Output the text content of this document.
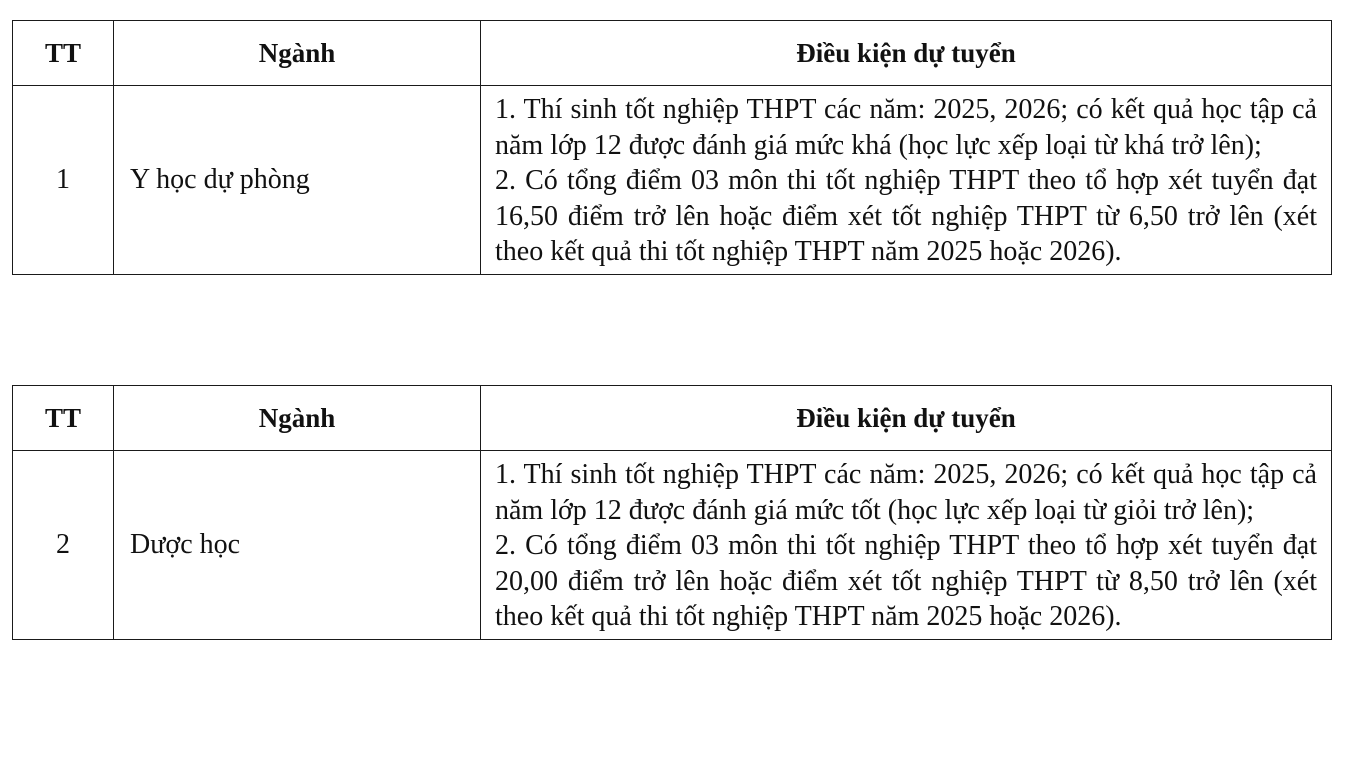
TT	Ngành	Điều kiện dự tuyển
1	Y học dự phòng	1. Thí sinh tốt nghiệp THPT các năm: 2025, 2026; có kết quả học tập cả năm lớp 12 được đánh giá mức khá (học lực xếp loại từ khá trở lên);
2. Có tổng điểm 03 môn thi tốt nghiệp THPT theo tổ hợp xét tuyển đạt 16,50 điểm trở lên hoặc điểm xét tốt nghiệp THPT từ 6,50 trở lên (xét theo kết quả thi tốt nghiệp THPT năm 2025 hoặc 2026).
TT	Ngành	Điều kiện dự tuyển
2	Dược học	1. Thí sinh tốt nghiệp THPT các năm: 2025, 2026; có kết quả học tập cả năm lớp 12 được đánh giá mức tốt (học lực xếp loại từ giỏi trở lên);
2. Có tổng điểm 03 môn thi tốt nghiệp THPT theo tổ hợp xét tuyển đạt 20,00 điểm trở lên hoặc điểm xét tốt nghiệp THPT từ 8,50 trở lên (xét theo kết quả thi tốt nghiệp THPT năm 2025 hoặc 2026).
